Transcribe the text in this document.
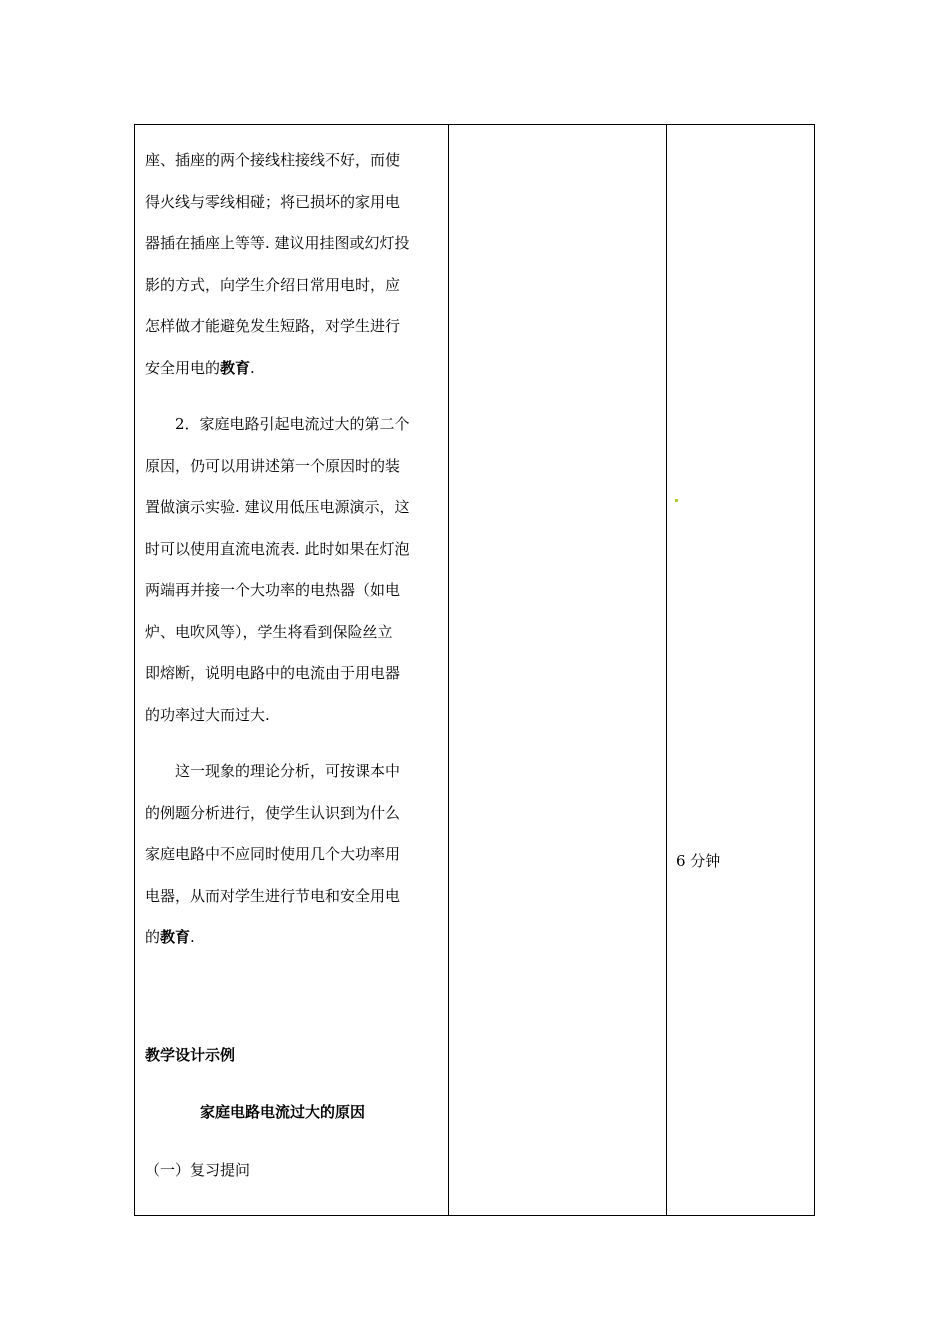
座、插座的两个接线柱接线不好，而使
得火线与零线相碰；将已损坏的家用电
器插在插座上等等. 建议用挂图或幻灯投
影的方式，向学生介绍日常用电时，应
怎样做才能避免发生短路，对学生进行
安全用电的教育.
2．家庭电路引起电流过大的第二个
原因，仍可以用讲述第一个原因时的装
置做演示实验. 建议用低压电源演示，这
时可以使用直流电流表. 此时如果在灯泡
两端再并接一个大功率的电热器（如电
炉、电吹风等），学生将看到保险丝立
即熔断，说明电路中的电流由于用电器
的功率过大而过大.
这一现象的理论分析，可按课本中
的例题分析进行，使学生认识到为什么
家庭电路中不应同时使用几个大功率用
电器，从而对学生进行节电和安全用电
的教育.
教学设计示例
家庭电路电流过大的原因
（一）复习提问
6 分钟
